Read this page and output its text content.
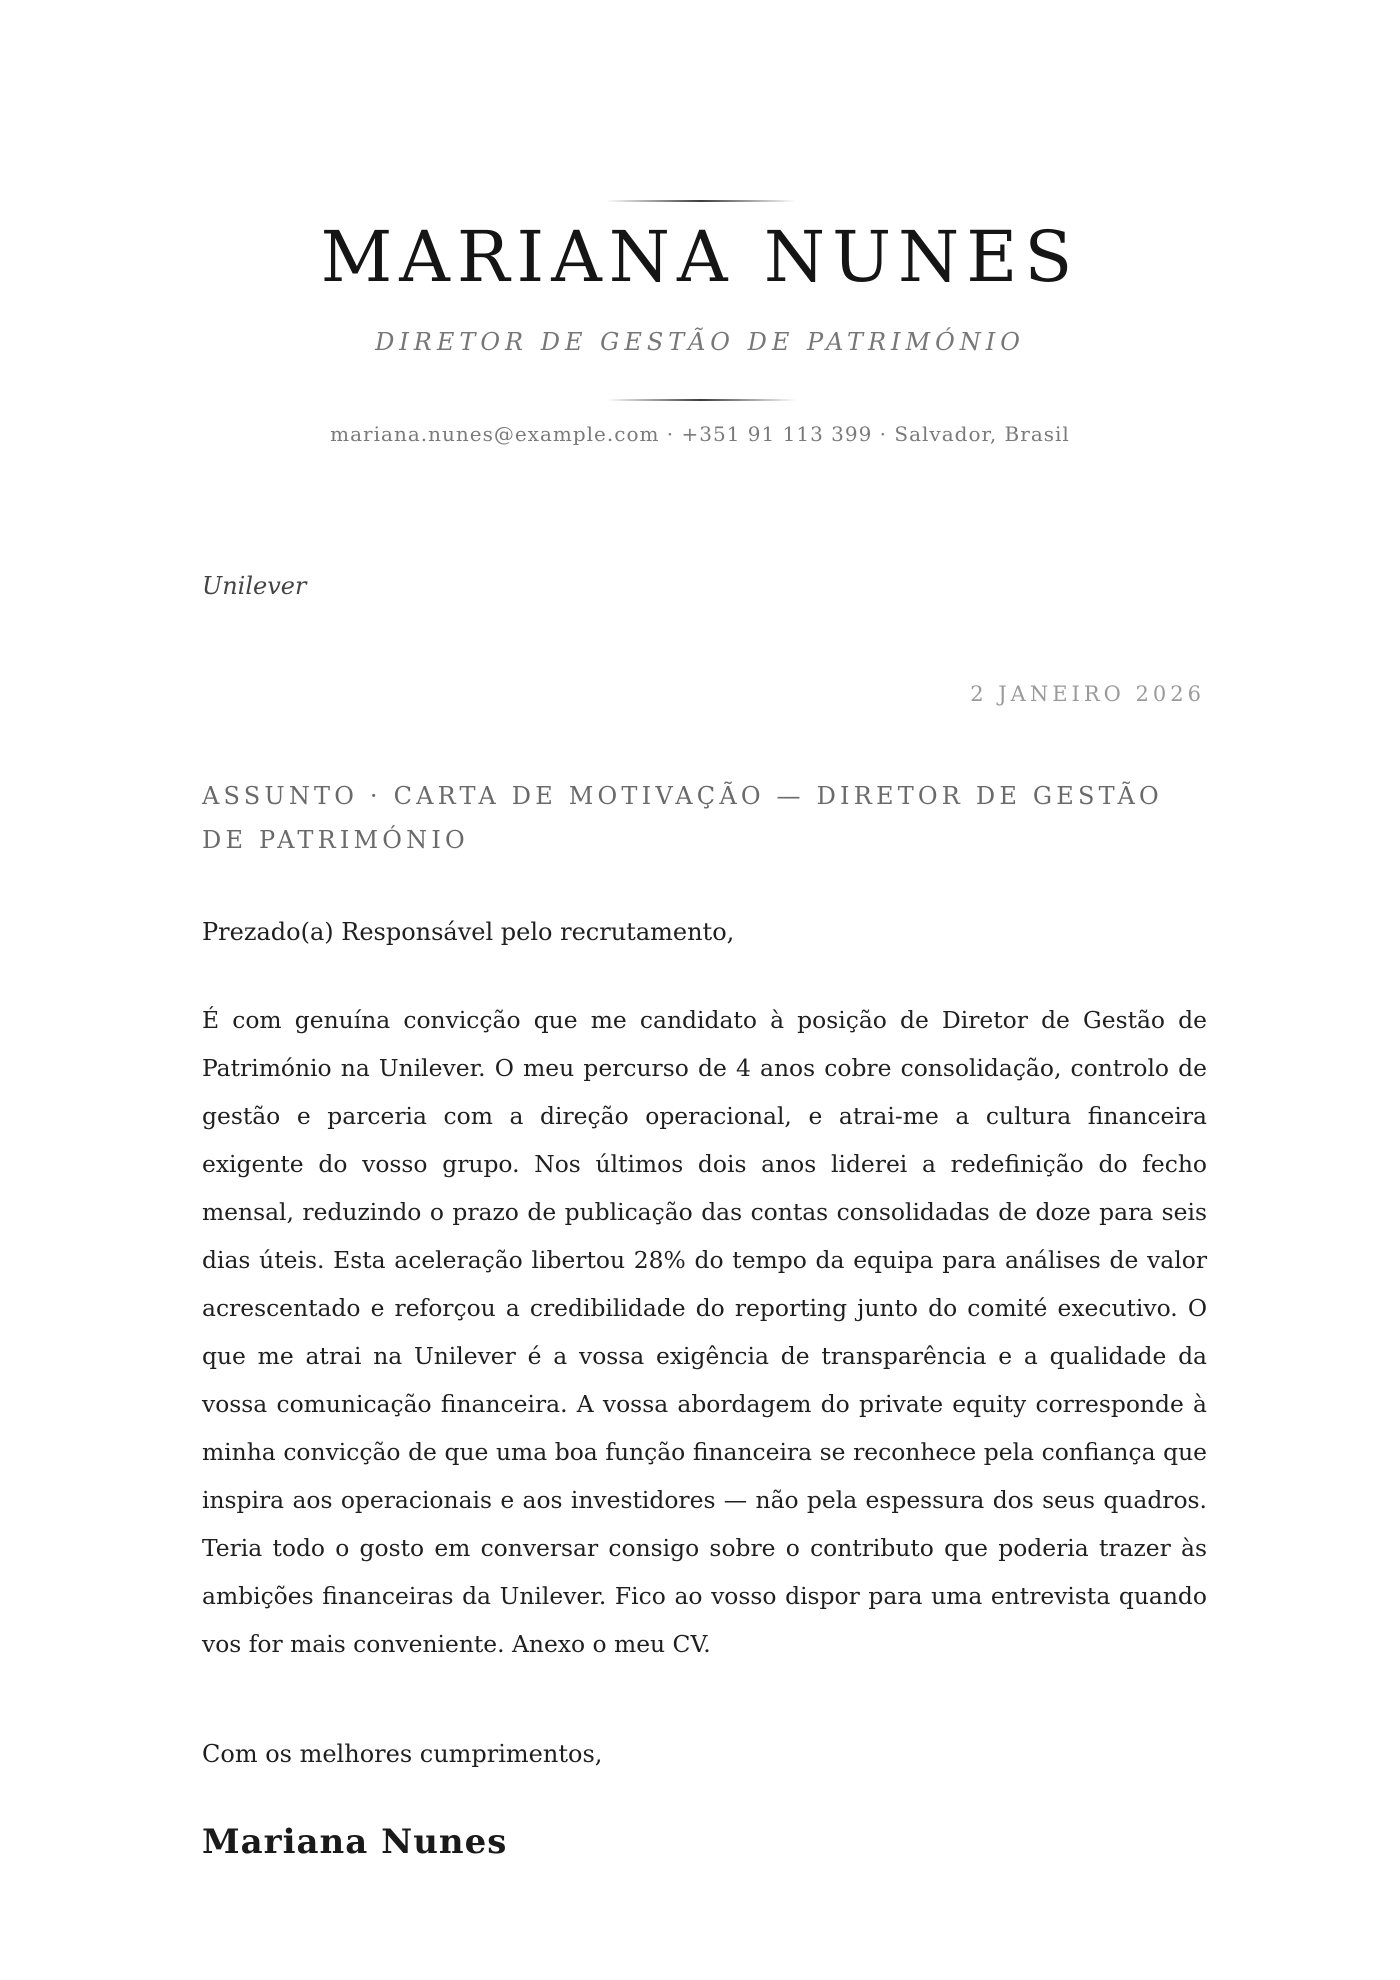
MARIANA NUNES
DIRETOR DE GESTÃO DE PATRIMÓNIO
mariana.nunes@example.com · +351 91 113 399 · Salvador, Brasil
Unilever
2 JANEIRO 2026
ASSUNTO · CARTA DE MOTIVAÇÃO — DIRETOR DE GESTÃO DE PATRIMÓNIO
Prezado(a) Responsável pelo recrutamento,

É com genuína convicção que me candidato à posição de Diretor de Gestão de Património na Unilever. O meu percurso de 4 anos cobre consolidação, controlo de gestão e parceria com a direção operacional, e atrai-me a cultura financeira exigente do vosso grupo. Nos últimos dois anos liderei a redefinição do fecho mensal, reduzindo o prazo de publicação das contas consolidadas de doze para seis dias úteis. Esta aceleração libertou 28% do tempo da equipa para análises de valor acrescentado e reforçou a credibilidade do reporting junto do comité executivo. O que me atrai na Unilever é a vossa exigência de transparência e a qualidade da vossa comunicação financeira. A vossa abordagem do private equity corresponde à minha convicção de que uma boa função financeira se reconhece pela confiança que inspira aos operacionais e aos investidores — não pela espessura dos seus quadros. Teria todo o gosto em conversar consigo sobre o contributo que poderia trazer às ambições financeiras da Unilever. Fico ao vosso dispor para uma entrevista quando vos for mais conveniente. Anexo o meu CV.

Com os melhores cumprimentos,
Mariana Nunes
